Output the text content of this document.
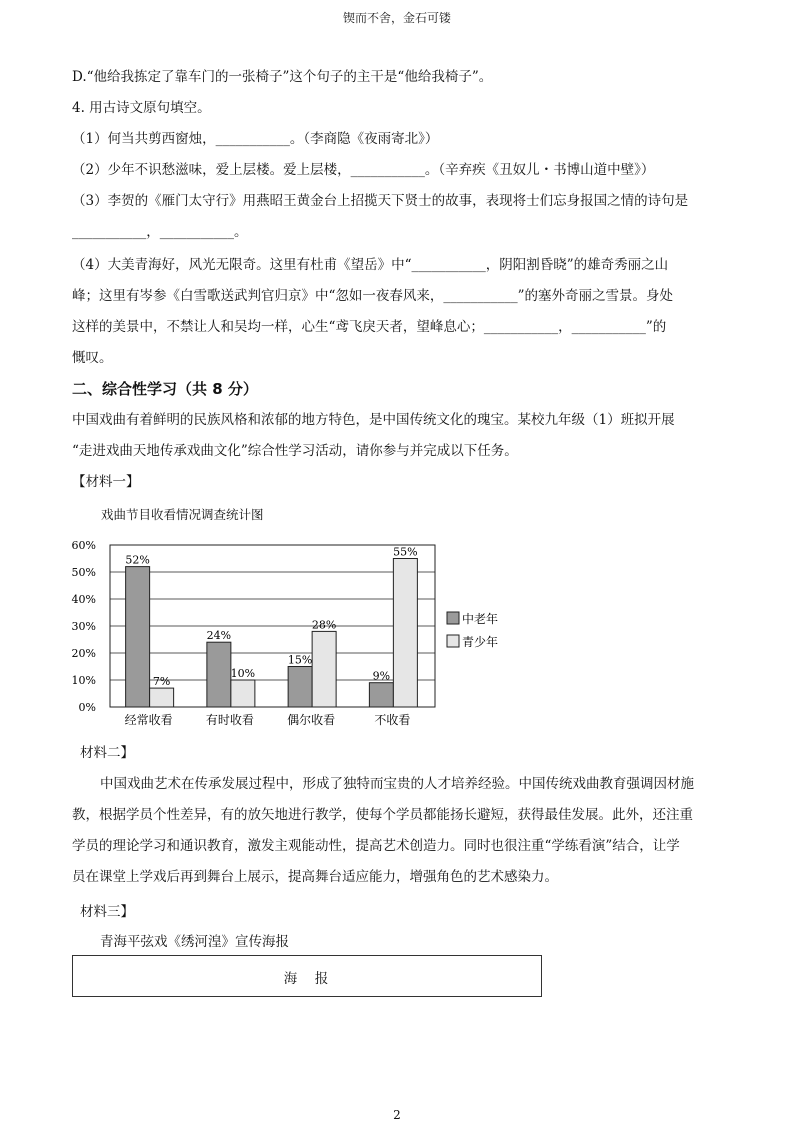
锲而不舍，金石可镂
D.“他给我拣定了靠车门的一张椅子”这个句子的主干是“他给我椅子”。
4. 用古诗文原句填空。
（1）何当共剪西窗烛，___________。（李商隐《夜雨寄北》）
（2）少年不识愁滋味，爱上层楼。爱上层楼，___________。（辛弃疾《丑奴儿・书博山道中壁》）
（3）李贺的《雁门太守行》用燕昭王黄金台上招揽天下贤士的故事，表现将士们忘身报国之情的诗句是
___________，___________。
（4）大美青海好，风光无限奇。这里有杜甫《望岳》中“___________，阴阳割昏晓”的雄奇秀丽之山
峰；这里有岑参《白雪歌送武判官归京》中“忽如一夜春风来，___________”的塞外奇丽之雪景。身处
这样的美景中，不禁让人和吴均一样，心生“鸢飞戾天者，望峰息心；___________，___________”的
慨叹。
二、综合性学习（共 8 分）
中国戏曲有着鲜明的民族风格和浓郁的地方特色，是中国传统文化的瑰宝。某校九年级（1）班拟开展
“走进戏曲天地传承戏曲文化”综合性学习活动，请你参与并完成以下任务。
【材料一】
戏曲节目收看情况调查统计图
0%
10%
20%
30%
40%
50%
60%
52%
7%
经常收看
24%
10%
有时收看
15%
28%
偶尔收看
9%
55%
不收看
中老年
青少年
材料二】
中国戏曲艺术在传承发展过程中，形成了独特而宝贵的人才培养经验。中国传统戏曲教育强调因材施
教，根据学员个性差异，有的放矢地进行教学，使每个学员都能扬长避短，获得最佳发展。此外，还注重
学员的理论学习和通识教育，激发主观能动性，提高艺术创造力。同时也很注重“学练看演”结合，让学
员在课堂上学戏后再到舞台上展示，提高舞台适应能力，增强角色的艺术感染力。
材料三】
青海平弦戏《绣河湟》宣传海报
海　报
2
